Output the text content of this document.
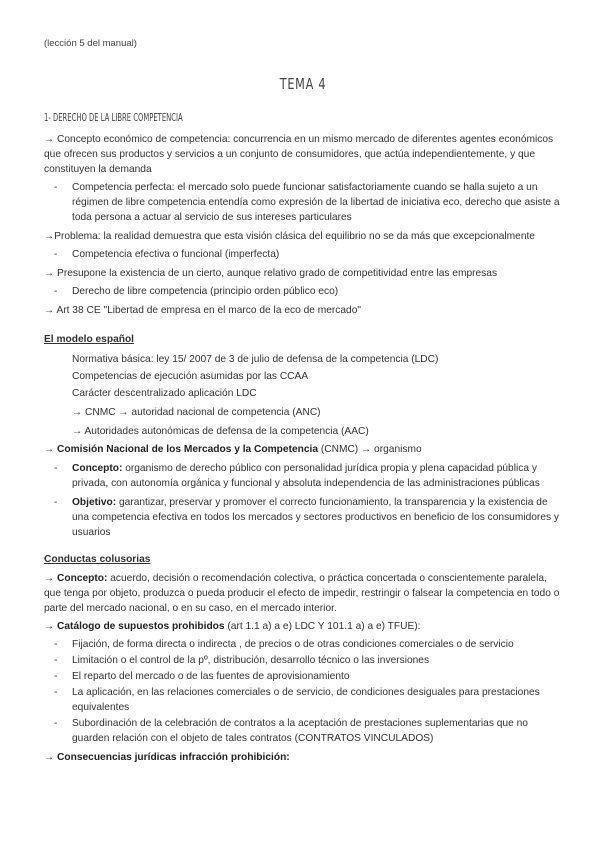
(lección 5 del manual)

TEMA 4
1- DERECHO DE LA LIBRE COMPETENCIA

→ Concepto económico de competencia: concurrencia en un mismo mercado de diferentes agentes económicos que ofrecen sus productos y servicios a un conjunto de consumidores, que actúa independientemente, y que constituyen la demanda

- Competencia perfecta: el mercado solo puede funcionar satisfactoriamente cuando se halla sujeto a un régimen de libre competencia entendía como expresión de la libertad de iniciativa eco, derecho que asiste a toda persona a actuar al servicio de sus intereses particulares

→Problema: la realidad demuestra que esta visión clásica del equilibrio no se da más que excepcionalmente

- Competencia efectiva o funcional (imperfecta)

→ Presupone la existencia de un cierto, aunque relativo grado de competitividad entre las empresas

- Derecho de libre competencia (principio orden público eco)

→ Art 38 CE "Libertad de empresa en el marco de la eco de mercado"

El modelo español
Normativa básica: ley 15/ 2007 de 3 de julio de defensa de la competencia (LDC)
Competencias de ejecución asumidas por las CCAA
Carácter descentralizado aplicación LDC
→ CNMC → autoridad nacional de competencia (ANC)
→ Autoridades autonómicas de defensa de la competencia (AAC)

→ Comisión Nacional de los Mercados y la Competencia (CNMC) → organismo

- Concepto: organismo de derecho público con personalidad jurídica propia y plena capacidad pública y privada, con autonomía orgánica y funcional y absoluta independencia de las administraciones públicas
- Objetivo: garantizar, preservar y promover el correcto funcionamiento, la transparencia y la existencia de una competencia efectiva en todos los mercados y sectores productivos en beneficio de los consumidores y usuarios
Conductas colusorias

→ Concepto: acuerdo, decisión o recomendación colectiva, o práctica concertada o conscientemente paralela, que tenga por objeto, produzca o pueda producir el efecto de impedir, restringir o falsear la competencia en todo o parte del mercado nacional, o en su caso, en el mercado interior.

→ Catálogo de supuestos prohibidos (art 1.1 a) a e) LDC Y 101.1 a) a e) TFUE):

- Fijación, de forma directa o indirecta , de precios o de otras condiciones comerciales o de servicio
- Limitación o el control de la pº, distribución, desarrollo técnico o las inversiones
- El reparto del mercado o de las fuentes de aprovisionamiento
- La aplicación, en las relaciones comerciales o de servicio, de condiciones desiguales para prestaciones equivalentes
- Subordinación de la celebración de contratos a la aceptación de prestaciones suplementarias que no guarden relación con el objeto de tales contratos (CONTRATOS VINCULADOS)

→ Consecuencias jurídicas infracción prohibición:
